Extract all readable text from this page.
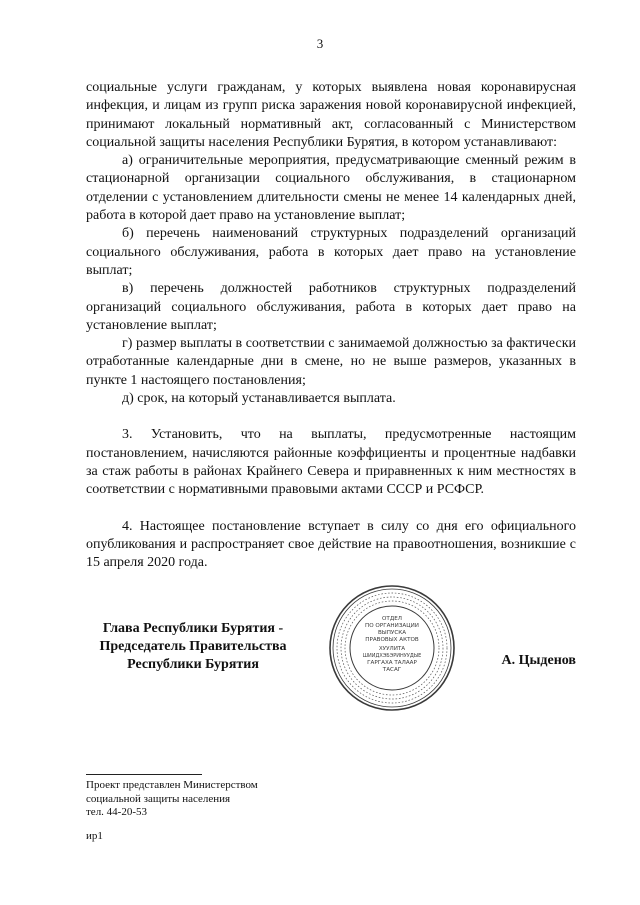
3

социальные услуги гражданам, у которых выявлена новая коронавирусная инфекция, и лицам из групп риска заражения новой коронавирусной инфекцией, принимают локальный нормативный акт, согласованный с Министерством социальной защиты населения Республики Бурятия, в котором устанавливают:

а) ограничительные мероприятия, предусматривающие сменный режим в стационарной организации социального обслуживания, в стационарном отделении с установлением длительности смены не менее 14 календарных дней, работа в которой дает право на установление выплат;

б) перечень наименований структурных подразделений организаций социального обслуживания, работа в которых дает право на установление выплат;

в) перечень должностей работников структурных подразделений организаций социального обслуживания, работа в которых дает право на установление выплат;

г) размер выплаты в соответствии с занимаемой должностью за фактически отработанные календарные дни в смене, но не выше размеров, указанных в пункте 1 настоящего постановления;

д) срок, на который устанавливается выплата.

3. Установить, что на выплаты, предусмотренные настоящим постановлением, начисляются районные коэффициенты и процентные надбавки за стаж работы в районах Крайнего Севера и приравненных к ним местностях в соответствии с нормативными правовыми актами СССР и РСФСР.

4. Настоящее постановление вступает в силу со дня его официального опубликования и распространяет свое действие на правоотношения, возникшие с 15 апреля 2020 года.

Глава Республики Бурятия -
Председатель Правительства
Республики Бурятия	А. Цыденов
ОТДЕЛ
ПО ОРГАНИЗАЦИИ
ВЫПУСКА
ПРАВОВЫХ АКТОВ
ХУУЛИТА
ШИИДХЭБЭРИНУУДЫЕ
ГАРГАХА ТАЛААР
ТАСАГ
Проект представлен Министерством
социальной защиты населения
тел. 44-20-53
ир1
